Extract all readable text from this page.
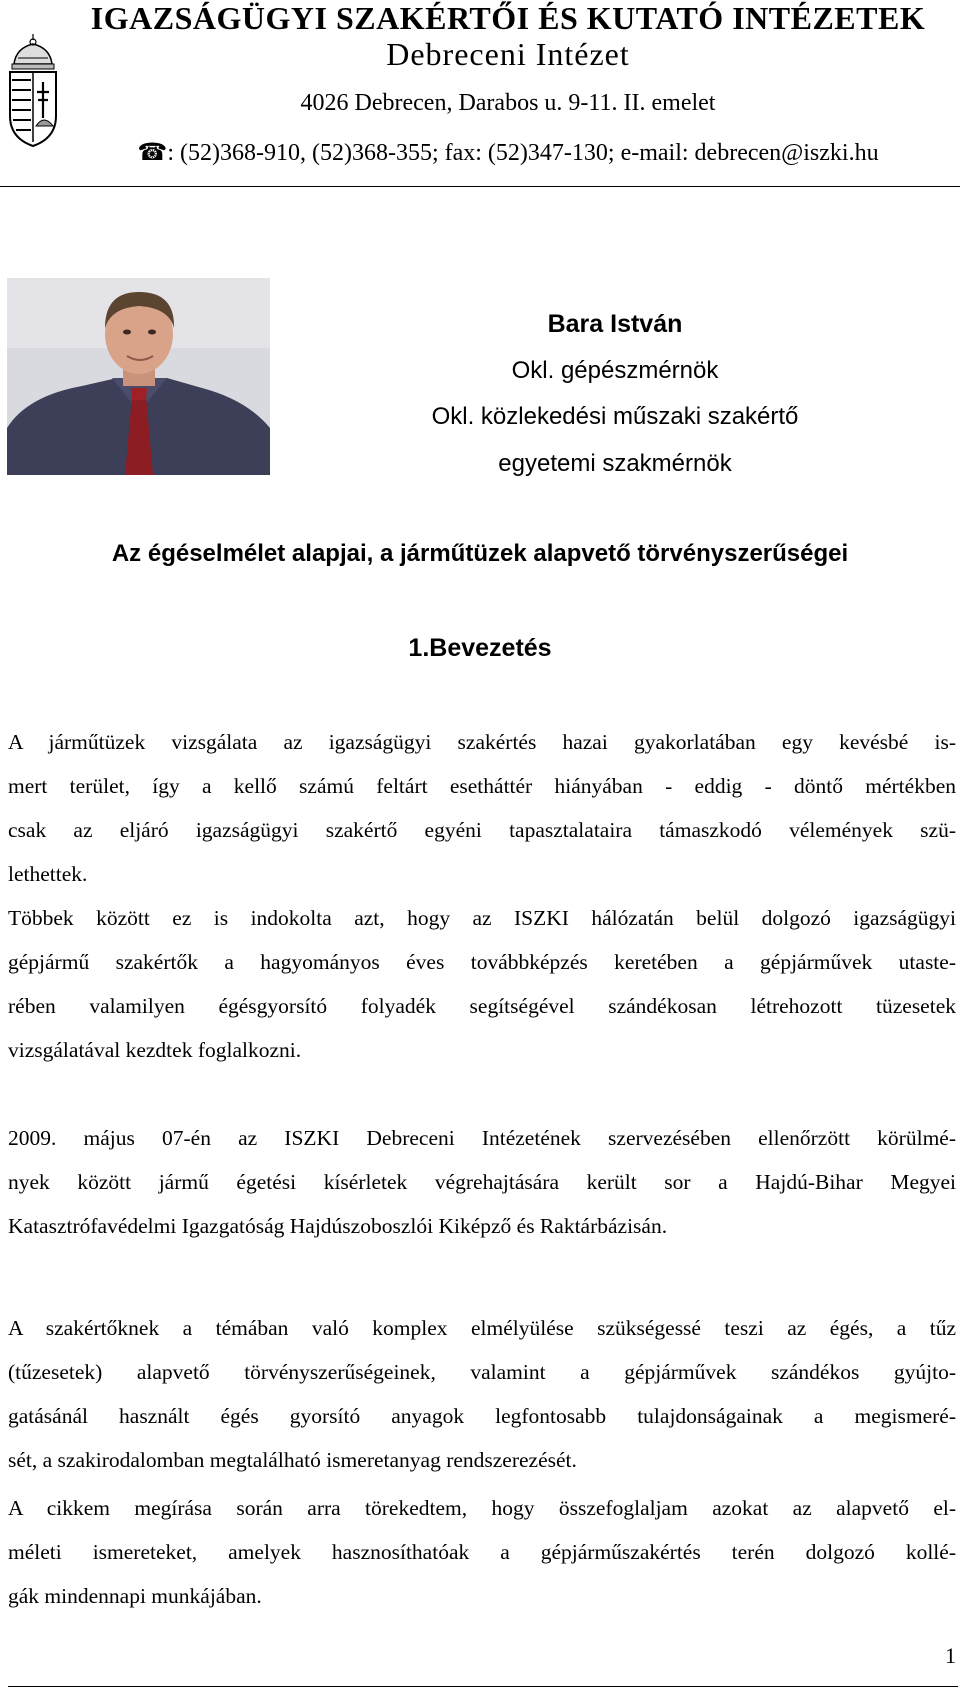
IGAZSÁGÜGYI SZAKÉRTŐI ÉS KUTATÓ INTÉZETEK
Debreceni Intézet
4026 Debrecen, Darabos u. 9-11. II. emelet
☎: (52)368-910, (52)368-355; fax: (52)347-130; e-mail: debrecen@iszki.hu
Bara István
Okl. gépészmérnök
Okl. közlekedési műszaki szakértő
egyetemi szakmérnök
Az égéselmélet alapjai, a járműtüzek alapvető törvényszerűségei
1.Bevezetés
A járműtüzek vizsgálata az igazságügyi szakértés hazai gyakorlatában egy kevésbé is-
mert terület, így a kellő számú feltárt esetháttér hiányában - eddig - döntő mértékben
csak az eljáró igazságügyi szakértő egyéni tapasztalataira támaszkodó vélemények szü-
lethettek.
Többek között ez is indokolta azt, hogy az ISZKI hálózatán belül dolgozó igazságügyi
gépjármű szakértők a hagyományos éves továbbképzés keretében a gépjárművek utaste-
rében valamilyen égésgyorsító folyadék segítségével szándékosan létrehozott tüzesetek
vizsgálatával kezdtek foglalkozni.
2009. május 07-én az ISZKI Debreceni Intézetének szervezésében ellenőrzött körülmé-
nyek között jármű égetési kísérletek végrehajtására került sor a Hajdú-Bihar Megyei
Katasztrófavédelmi Igazgatóság Hajdúszoboszlói Kiképző és Raktárbázisán.
A szakértőknek a témában való komplex elmélyülése szükségessé teszi az égés, a tűz
(tűzesetek) alapvető törvényszerűségeinek, valamint a gépjárművek szándékos gyújto-
gatásánál használt égés gyorsító anyagok legfontosabb tulajdonságainak a megismeré-
sét, a szakirodalomban megtalálható ismeretanyag rendszerezését.
A cikkem megírása során arra törekedtem, hogy összefoglaljam azokat az alapvető el-
méleti ismereteket, amelyek hasznosíthatóak a gépjárműszakértés terén dolgozó kollé-
gák mindennapi munkájában.
1
